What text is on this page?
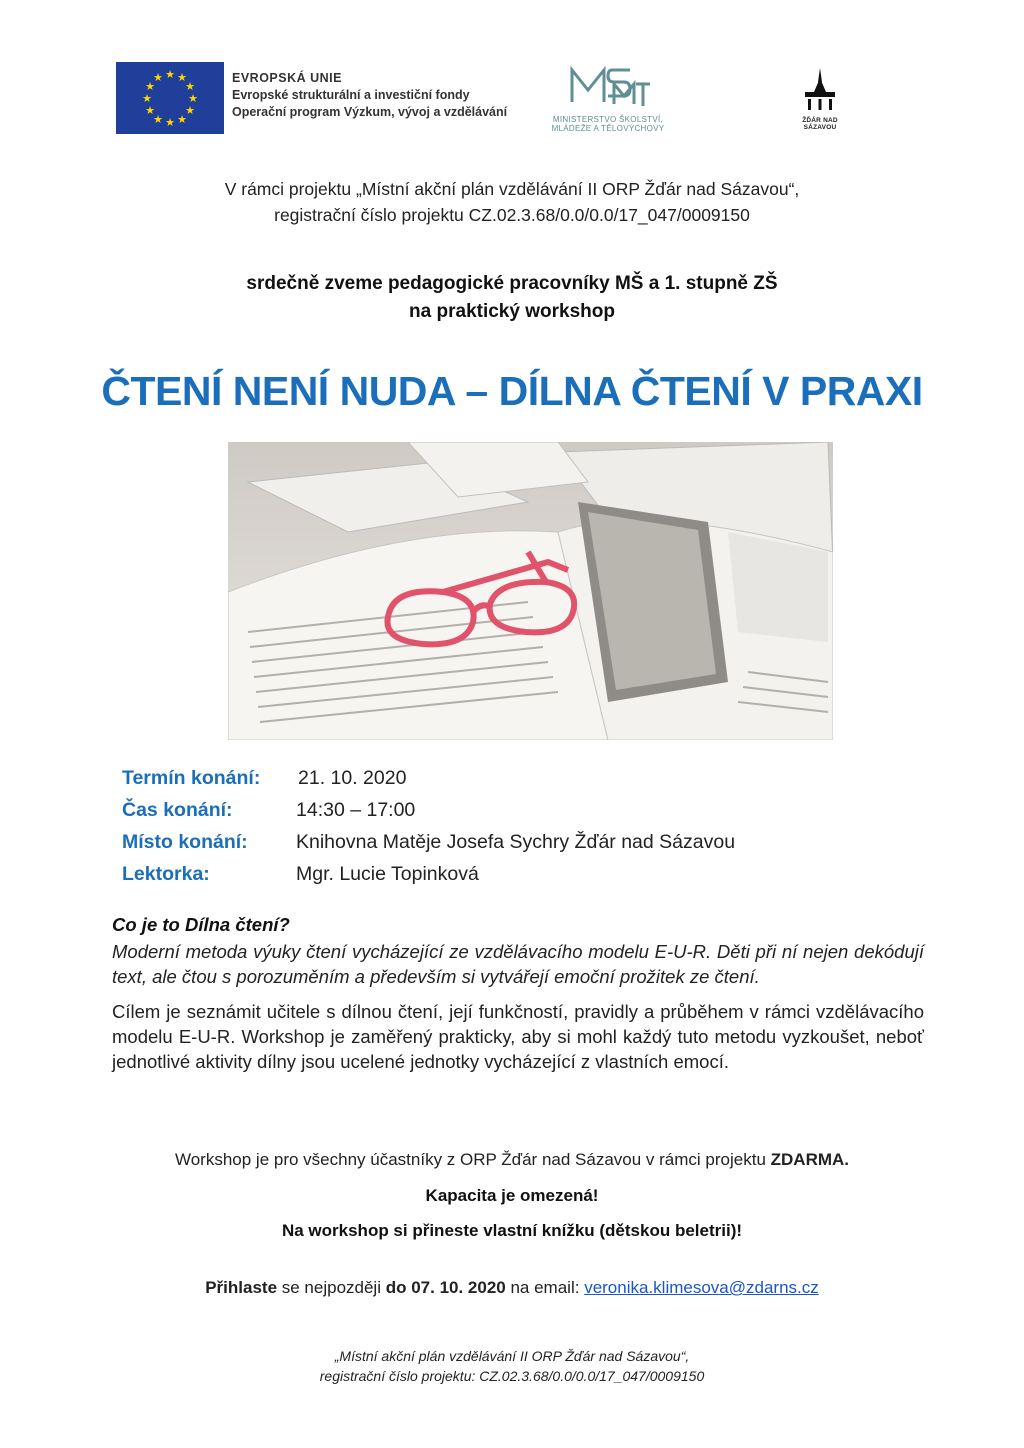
★ ★
★
★
★
★
★
★
★
★
★
★	EVROPSKÁ UNIE
Evropské strukturální a investiční fondy
Operační program Výzkum, vývoj a vzdělávání
MINISTERSTVO ŠKOLSTVÍ,
MLÁDEŽE A TĚLOVÝCHOVY
ŽĎÁR NAD SÁZAVOU
V rámci projektu „Místní akční plán vzdělávání II ORP Žďár nad Sázavou“,
registrační číslo projektu CZ.02.3.68/0.0/0.0/17_047/0009150
srdečně zveme pedagogické pracovníky MŠ a 1. stupně ZŠ
na praktický workshop
ČTENÍ NENÍ NUDA – DÍLNA ČTENÍ V PRAXI
Termín konání: 21. 10. 2020
Čas konání:	14:30 – 17:00
Místo konání: Knihovna Matěje Josefa Sychry Žďár nad Sázavou
Lektorka:	Mgr. Lucie Topinková
Co je to Dílna čtení?

Moderní metoda výuky čtení vycházející ze vzdělávacího modelu E-U-R. Děti při ní nejen dekódují text, ale čtou s porozuměním a především si vytvářejí emoční prožitek ze čtení.

Cílem je seznámit učitele s dílnou čtení, její funkčností, pravidly a průběhem v rámci vzdělávacího modelu E-U-R. Workshop je zaměřený prakticky, aby si mohl každý tuto metodu vyzkoušet, neboť jednotlivé aktivity dílny jsou ucelené jednotky vycházející z vlastních emocí.

Workshop je pro všechny účastníky z ORP Žďár nad Sázavou v rámci projektu ZDARMA.
Kapacita je omezená!
Na workshop si přineste vlastní knížku (dětskou beletrii)!
Přihlaste se nejpozději do 07. 10. 2020 na email: veronika.klimesova@zdarns.cz
„Místní akční plán vzdělávání II ORP Žďár nad Sázavou“,
registrační číslo projektu: CZ.02.3.68/0.0/0.0/17_047/0009150
